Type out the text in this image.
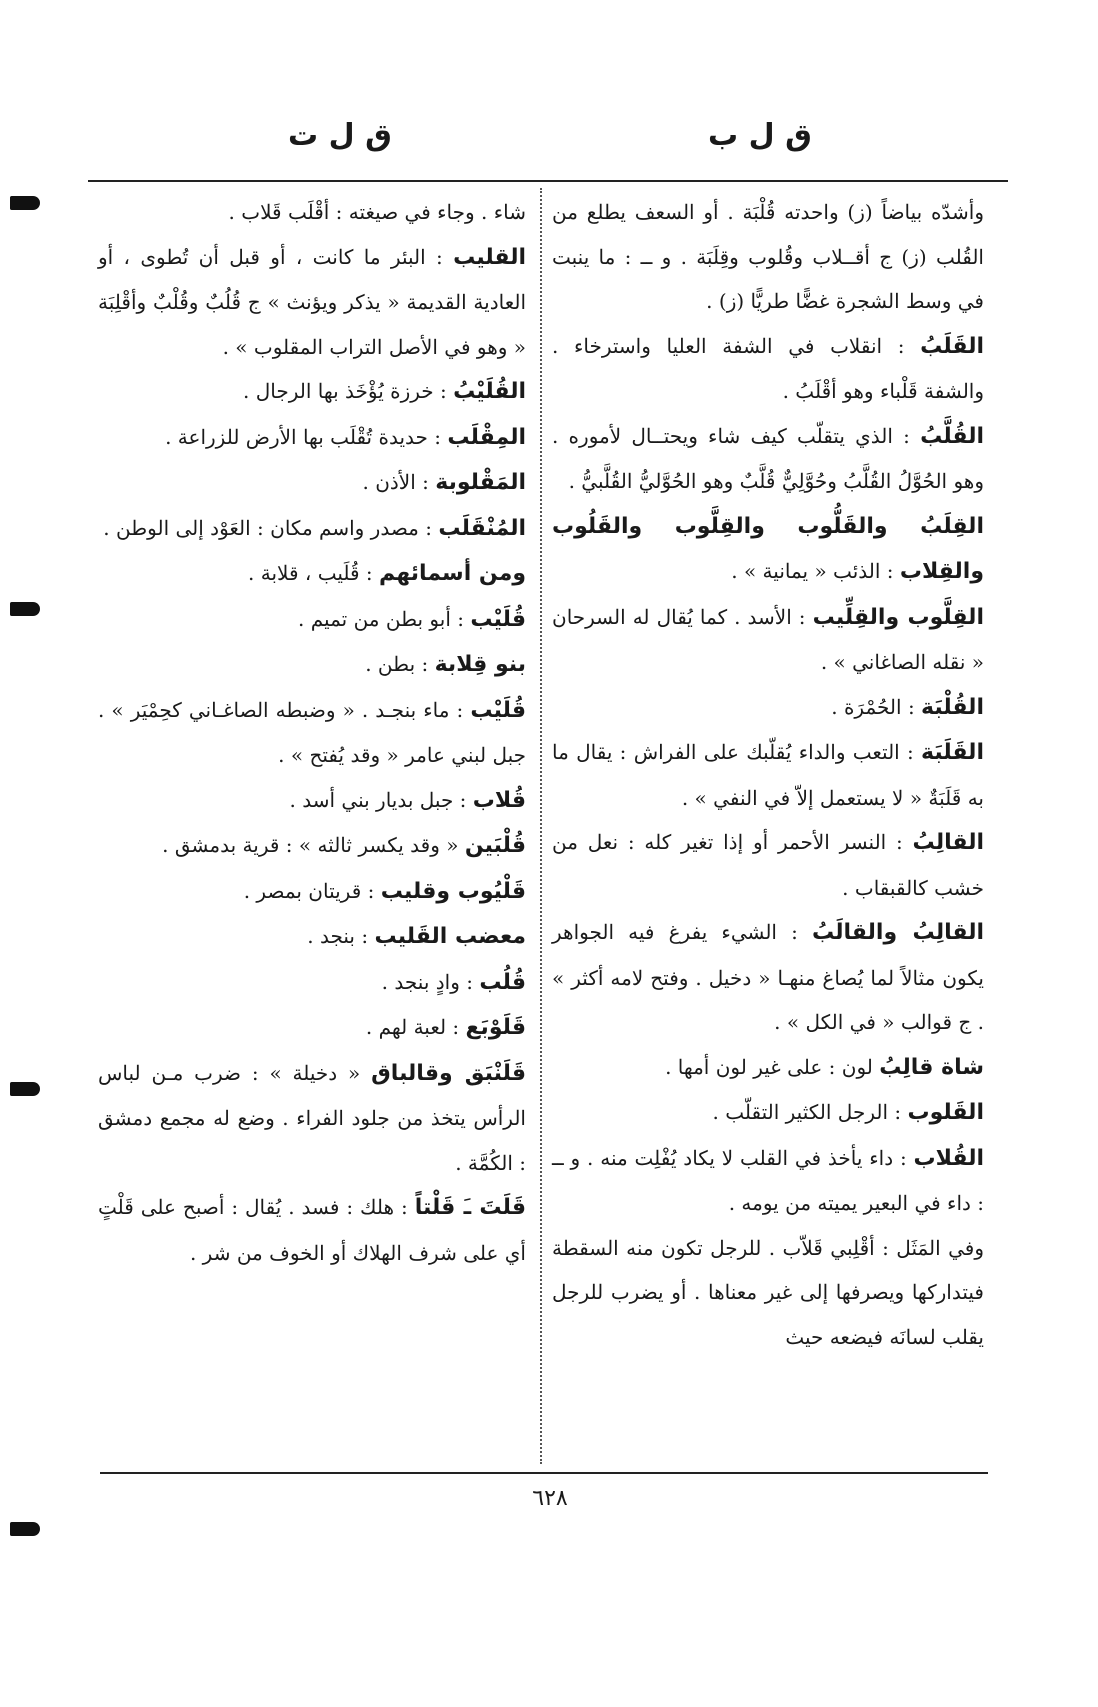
ق ل ب
ق ل ت

وأشدّه بياضاً (ز) واحدته قُلْبَة . أو السعف يطلع من القُلب (ز) ج أقــلاب وقُلوب وقِلَبَة . و ــ : ما ينبت في وسط الشجرة غضًّا طريًّا (ز) .

القَلَبُ : انقلاب في الشفة العليا واسترخاء . والشفة قَلْباء وهو أقْلَبُ .

القُلَّبُ : الذي يتقلّب كيف شاء ويحتــال لأموره . وهو الحُوَّلُ القُلَّبُ وحُوَّلِيٌّ قُلَّبٌ وهو الحُوَّليُّ القُلَّبيُّ .

القِلَبُ والقَلُّوب والقِلَّوب والقَلُوب والقِلاب : الذئب « يمانية » .

القِلَّوب والقِلِّيب : الأسد . كما يُقال له السرحان « نقله الصاغاني » .

القُلْبَة : الحُمْرَة .

القَلَبَة : التعب والداء يُقلّبك على الفراش : يقال ما به قَلَبَةٌ « لا يستعمل إلاّ في النفي » .

القالِبُ : النسر الأحمر أو إذا تغير كله : نعل من خشب كالقبقاب .

القالِبُ والقالَبُ : الشيء يفرغ فيه الجواهر يكون مثالاً لما يُصاغ منهـا « دخيل . وفتح لامه أكثر » . ج قوالب « في الكل » .

شاة قالِبُ لون : على غير لون أمها .

القَلوب : الرجل الكثير التقلّب .

القُلاب : داء يأخذ في القلب لا يكاد يُفْلِت منه . و ــ : داء في البعير يميته من يومه .

وفي المَثَل : أقْلِبي قَلاّب . للرجل تكون منه السقطة فيتداركها ويصرفها إلى غير معناها . أو يضرب للرجل يقلب لسانَه فيضعه حيث

شاء . وجاء في صيغته : أقْلَب قَلاب .

القليب : البئر ما كانت ، أو قبل أن تُطوى ، أو العادية القديمة « يذكر ويؤنث » ج قُلُبٌ وقُلْبٌ وأقْلِبَة « وهو في الأصل التراب المقلوب » .

القُلَيْبُ : خرزة يُؤْخَذ بها الرجال .

المِقْلَب : حديدة تُقْلَب بها الأرض للزراعة .

المَقْلوبة : الأذن .

المُنْقَلَب : مصدر واسم مكان : العَوْد إلى الوطن .

ومن أسمائهم : قُلَيب ، قلابة .

قُلَيْب : أبو بطن من تميم .

بنو قِلابة : بطن .

قُلَيْب : ماء بنجـد . « وضبطه الصاغـاني كحِمْيَر » . جبل لبني عامر « وقد يُفتح » .

قُلاب : جبل بديار بني أسد .

قُلْبَين « وقد يكسر ثالثه » : قرية بدمشق .

قَلْيُوب وقليب : قريتان بمصر .

معضب القَليب : بنجد .

قُلُب : وادٍ بنجد .

قَلَوْبَع : لعبة لهم .

قَلَنْبَق وقالباق « دخيلة » : ضرب مـن لباس الرأس يتخذ من جلود الفراء . وضع له مجمع دمشق : الكُمَّة .

قَلَتَ ـَ قَلْتاً : هلك : فسد . يُقال : أصبح على قَلْتٍ أي على شرف الهلاك أو الخوف من شر .

٦٢٨
